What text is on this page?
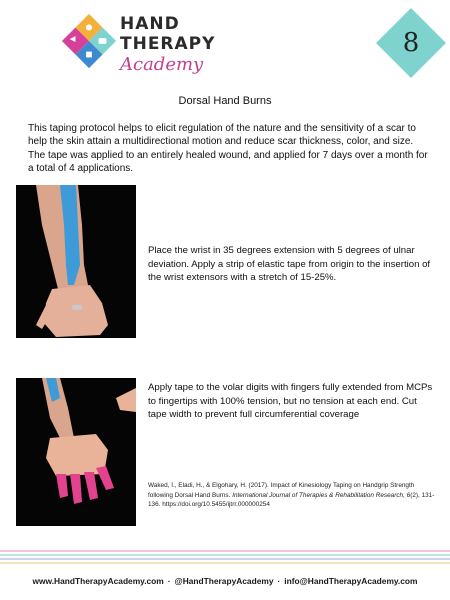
HAND
THERAPY
Academy
8
Dorsal Hand Burns
This taping protocol helps to elicit regulation of the nature and the sensitivity of a scar to help the skin attain a multidirectional motion and reduce scar thickness, color, and size. The tape was applied to an entirely healed wound, and applied for 7 days over a month for a total of 4 applications.
Place the wrist in 35 degrees extension with 5 degrees of ulnar deviation. Apply a strip of elastic tape from origin to the insertion of the wrist extensors with a stretch of 15-25%.
Apply tape to the volar digits with fingers fully extended from MCPs to fingertips with 100% tension, but no tension at each end. Cut tape width to prevent full circumferential coverage
Waked, I., Eladi, H., & Elgohary, H. (2017). Impact of Kinesiology Taping on Handgrip Strength following Dorsal Hand Burns. International Journal of Therapies & Rehabilitation Research, 6(2), 131-136. https://doi.org/10.5455/ijtrr.000000254
www.HandTherapyAcademy.com · @HandTherapyAcademy · info@HandTherapyAcademy.com
